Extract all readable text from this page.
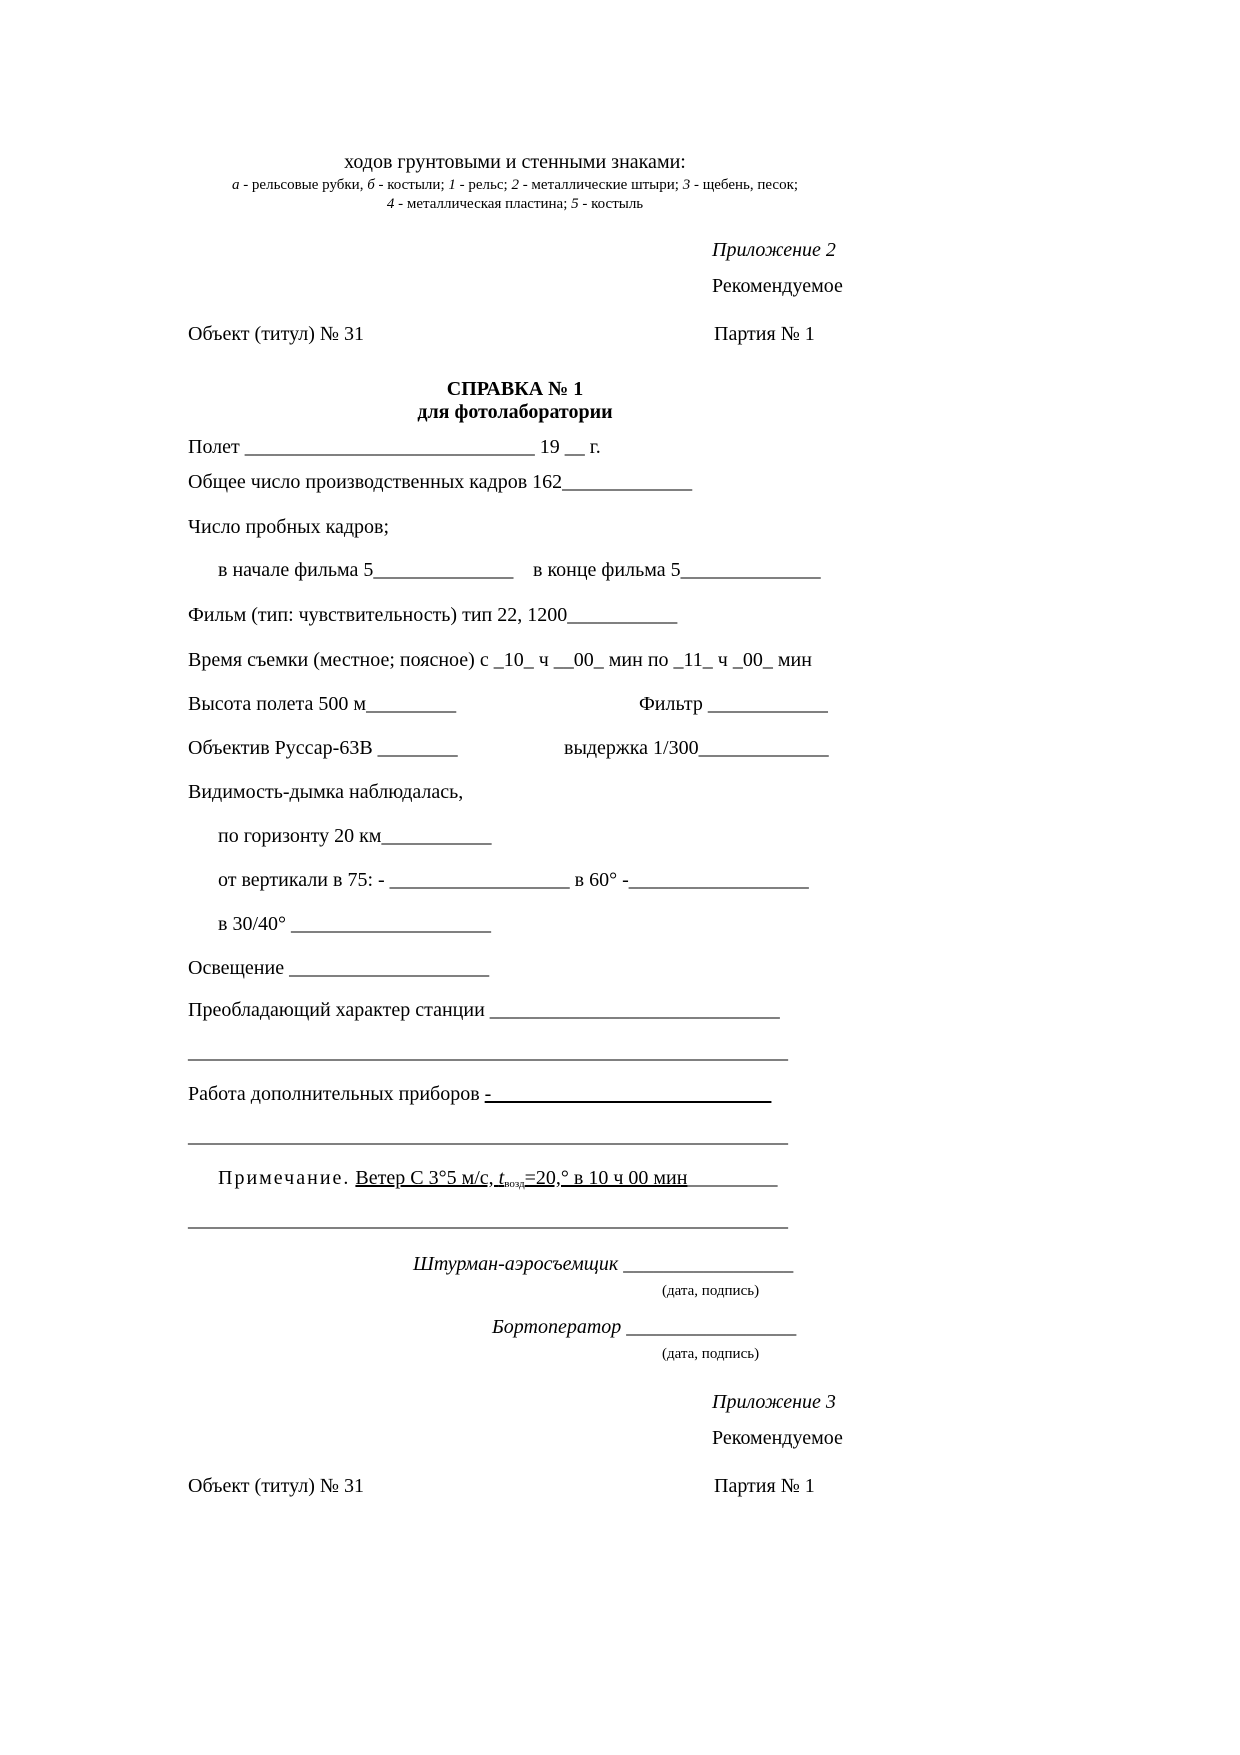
ходов грунтовыми и стенными знаками:
а - рельсовые рубки, б - костыли; 1 - рельс; 2 - металлические штыри; 3 - щебень, песок;
4 - металлическая пластина; 5 - костыль
Приложение 2
Рекомендуемое
Объект (титул) № 31	Партия № 1
СПРАВКА № 1
для фотолаборатории
Полет _____________________________ 19 __ г.
Общее число производственных кадров 162_____________
Число пробных кадров;
в начале фильма 5______________ в конце фильма 5______________
Фильм (тип: чувствительность) тип 22, 1200___________
Время съемки (местное; поясное) с _10_ ч __00_ мин по _11_ ч _00_ мин
Высота полета 500 м_________	Фильтр ____________
Объектив Руссар-63В ________	выдержка 1/300_____________
Видимость-дымка наблюдалась,
по горизонту 20 км___________
от вертикали в 75: - __________________ в 60° -__________________
в 30/40° ____________________
Освещение ____________________
Преобладающий характер станции _____________________________
____________________________________________________________
Работа дополнительных приборов -____________________________
____________________________________________________________
Примечание. Ветер С 3°5 м/с, $t_{возд}=20,^\circ$ в 10 ч 00 мин_________
____________________________________________________________
Штурман-аэросъемщик _________________
(дата, подпись)
Бортоператор _________________
(дата, подпись)
Приложение 3
Рекомендуемое
Объект (титул) № 31	Партия № 1
